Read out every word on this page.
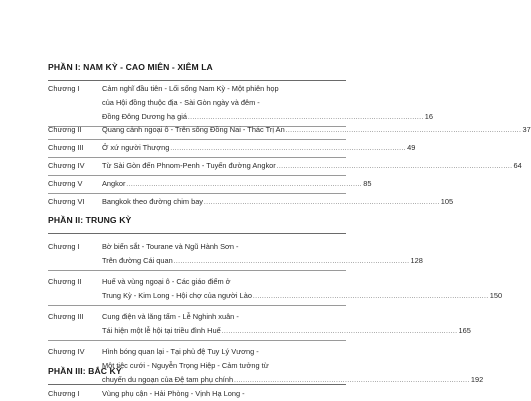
PHẦN I: NAM KỲ - CAO MIÊN - XIÊM LA
Chương I	Cảm nghĩ đầu tiên - Lối sống Nam Kỳ - Một phiên họp
của Hội đồng thuộc địa - Sài Gòn ngày và đêm -
Đồng Đông Dương hạ giá ........................................................................................................ 16
Chương II	Quang cảnh ngoại ô - Trên sông Đồng Nai - Thác Trị An ........................................................................................................ 37
Chương III	Ở xứ người Thượng ........................................................................................................ 49
Chương IV	Từ Sài Gòn đến Phnom-Penh - Tuyến đường Angkor ........................................................................................................ 64
Chương V	Angkor ........................................................................................................ 85
Chương VI	Bangkok theo đường chim bay ........................................................................................................ 105
PHẦN II: TRUNG KỲ
Chương I	Bờ biển sắt - Tourane và Ngũ Hành Sơn -
Trên đường Cái quan ........................................................................................................ 128
Chương II	Huế và vùng ngoại ô - Các giáo điểm ở
Trung Kỳ - Kim Long - Hội chợ của người Lào ........................................................................................................ 150
Chương III	Cung điện và lăng tẩm - Lễ Nghinh xuân -
Tái hiện một lễ hội tại triều đình Huế ........................................................................................................ 165
Chương IV	Hình bóng quan lại - Tại phủ đệ Tuy Lý Vương -
Một tiệc cưới - Nguyễn Trọng Hiệp - Cảm tưởng từ
chuyến du ngoạn của Đệ tam phụ chính ........................................................................................................ 192
PHẦN III: BẮC KỲ
Chương I	Vùng phụ cận - Hải Phòng - Vịnh Hạ Long -
